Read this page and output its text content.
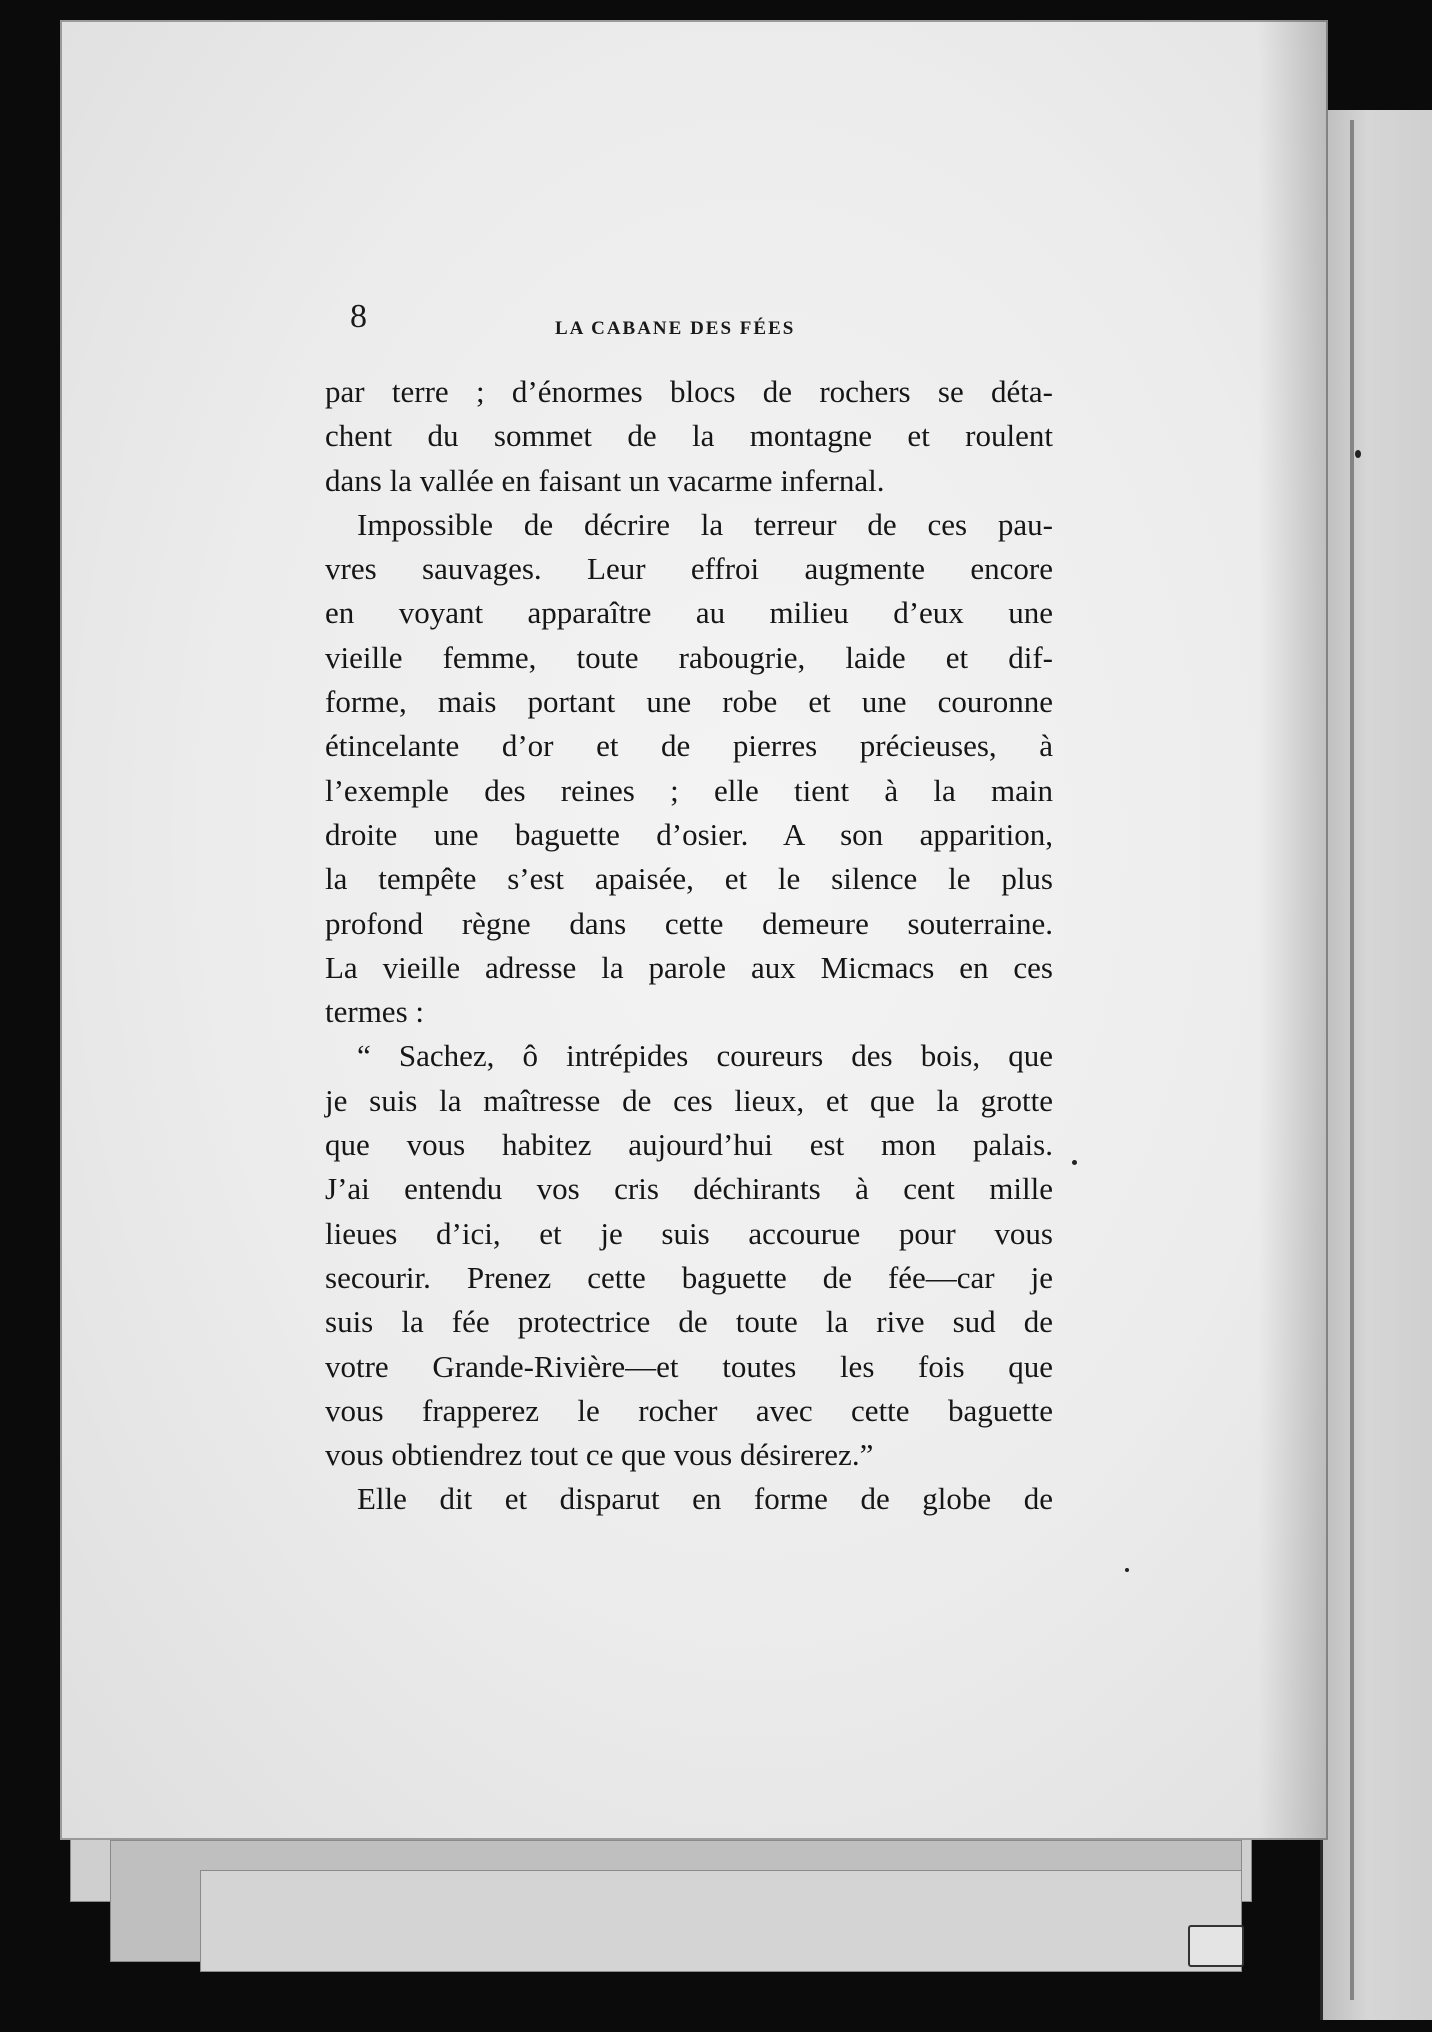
8	LA CABANE DES FÉES
par terre ; d’énormes blocs de rochers se déta-
chent du sommet de la montagne et roulent
dans la vallée en faisant un vacarme infernal.
Impossible de décrire la terreur de ces pau-
vres sauvages. Leur effroi augmente encore
en voyant apparaître au milieu d’eux une
vieille femme, toute rabougrie, laide et dif-
forme, mais portant une robe et une couronne
étincelante d’or et de pierres précieuses, à
l’exemple des reines ; elle tient à la main
droite une baguette d’osier. A son apparition,
la tempête s’est apaisée, et le silence le plus
profond règne dans cette demeure souterraine.
La vieille adresse la parole aux Micmacs en ces
termes :
“ Sachez, ô intrépides coureurs des bois, que
je suis la maîtresse de ces lieux, et que la grotte
que vous habitez aujourd’hui est mon palais.
J’ai entendu vos cris déchirants à cent mille
lieues d’ici, et je suis accourue pour vous
secourir. Prenez cette baguette de fée—car je
suis la fée protectrice de toute la rive sud de
votre Grande-Rivière—et toutes les fois que
vous frapperez le rocher avec cette baguette
vous obtiendrez tout ce que vous désirerez.”
Elle dit et disparut en forme de globe de
